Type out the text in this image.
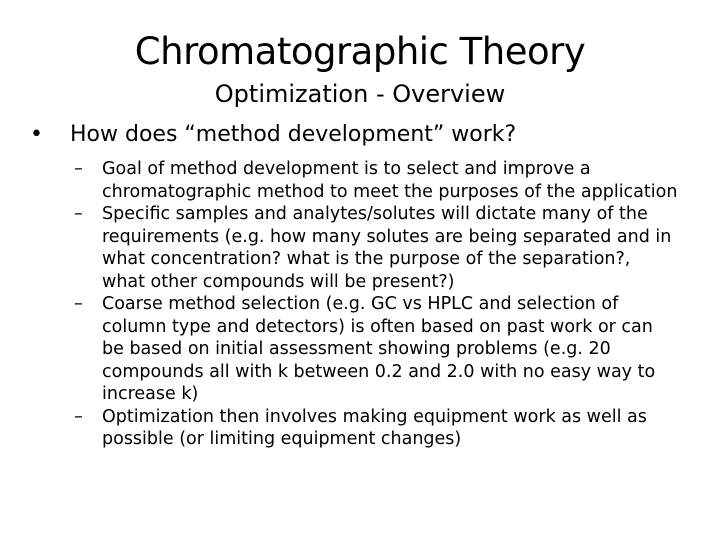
Chromatographic Theory
Optimization - Overview
• How does “method development” work?
– Goal of method development is to select and improve a
chromatographic method to meet the purposes of the application
– Specific samples and analytes/solutes will dictate many of the
requirements (e.g. how many solutes are being separated and in
what concentration? what is the purpose of the separation?,
what other compounds will be present?)
– Coarse method selection (e.g. GC vs HPLC and selection of
column type and detectors) is often based on past work or can
be based on initial assessment showing problems (e.g. 20
compounds all with k between 0.2 and 2.0 with no easy way to
increase k)
– Optimization then involves making equipment work as well as
possible (or limiting equipment changes)
